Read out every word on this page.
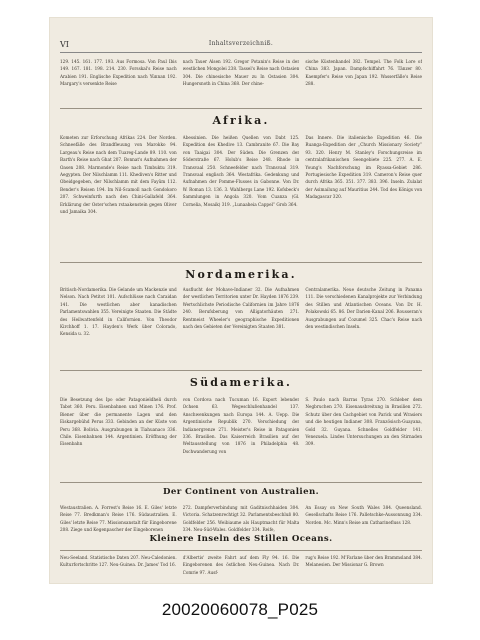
VI	Inhaltsverzeichniß.
129. 145. 161. 177. 193. Aus Formosa. Von Paul Ibis 149. 167. 181. 198. 214. 230. Forsskal's Reise nach Arabien 191. Englische Expedition nach Yünnan 192. Margary's versenkte Reise
nach Tauer Alsen 192. Gregor Potanin's Reise in der westlichen Mongolei 238. Tassel's Reise nach Ostasien 304. Die chinesische Mauer zu In Ostasien 304. Hungersnoth in China 368. Der chine-
sische Küstenhandel 382. Tempel. The Folk Lore of China 383. Japan. Dampfschiffahrt 76. Tänzer 80. Kaempfer's Reise von Japan 192. Wasserfälle's Reise 288.
Afrika.
Kometen zur Erforschung Afrikas 224. Der Norden. Schneefälle des Brandfleuung von Marokko 94. Largeau's Reise nach dem Tuareg-Lande 89. 110. von Barth's Reise nach Ghat 207. Bonnat's Aufnahmen der Oasen 208. Marmonde's Reise nach Timbuktu 319. Aegypten. Der Nilschlamm 111. Khediven's Ritter und Obeidgegeben, der Nilschlamm mit dem Fayûm 112. Bender's Reisen 194. Im Nil-Scamoll nach Gondokoro 207. Schweinfurth nach den Chini-Gallafeld 364. Erklärung der Oster'schen rstaakenstein gegen Oliver und Jamaika 304.
Abessinien. Die heißen Quellen von Dabt 125. Expedition des Khedive 13. Cambranite 67. Die Bay von Taaigai 304. Der Süden. Die Grenzen der Söderstraße 67. Holub's Reise 248. Rhode in Transvaal 250. Schneefelder nach Transvaal 319. Transvaal englisch 364. Westafrika. Gedenkung und Aufnahmen der Pomme-Flusses in Gabonne. Von Dr. W. Roman 13. 136. 3. Wahlbergs Lane 192. Kofsbeck's Sammlungen in Angola 320. Vom Cuanza (Gl. Cornelia, Mosaik) 319. „Lunaaheia Cappel“ Grob 364.
Das Innere. Die italienische Expedition 46. Die Ruanga-Expedition der „Church Missionary Society“ 93. 320. Henry M. Stanley's Forschungsreise im centralafrikanischen Seengebiete 225. 277. A. E. Young's Nachforschung im Ryassa-Gebiet 286. Portugiesische Expedition 319. Cameron's Reise quer durch Afrika 365. 351. 377. 383. 396. Inseln. Zulalat der Asimailung auf Mauritius 244. Tod des Königs von Madagascar 320.
Nordamerika.
Britisch-Nordamerika. Die Gelande um Mackenzie und Nelson. Nach Petitot 101. Aufschlüsse nach Caraidan 141. Die westlichen aber kanadischen Parlamentswahlen 355. Vereinigte Staaten. Die Städte des Heilwattenfeld in Californien. Von Theodor Kirchhoff 1. 17. Hayden's Werk über Colorado, Kensida u. 32.
Ausflucht der Mohave-Indianer 32. Die Aufnahmen der westlichen Territorien unter Dr. Hayden 1876 239. Wertschlichste Periodische Californien im Jahre 1876 240. Berufsberung von Alligatorhäuten 271. Rentmeist Wheeler's geographische Expeditionen nach den Gebieten der Vereinigten Staaten 381.
Centralamerika. Neue deutsche Zeitung in Panama 111. Die verschiedenen Kanalprojekte zur Verbindung des Stillen und Atlantischen Oceans. Von Dr. H. Polakowski 65. 86. Der Darien-Kanal 206. Rousseran's Ausgrabungen auf Cozumel 325. Chac's Reise nach den westindischen Inseln.
Südamerika.
Die Besetzung des Ipo oder Patagonieldheli durch Tabot 360. Peru. Eisenbahnen und Minen 176. Prof. Biener über die permanente Lagen und den Eiskargebühd Perus 333. Gebinden an der Küste von Peru 368. Bolivia. Ausgrabungen in Tiahuanaco 336. Chile. Eisenbahnen 144. Argentinien. Eröffnung der Eisenbahn
von Cordova nach Tucuman 16. Export lebender Ochsen 63. Wegeschlußenhandel 137. Anschwenkungen nach Europa 144. A. Uepp. Die Argentinische Republik 270. Verschiedung der Indianergrenze 271. Meister's Reise in Patagonien 336. Brasilien. Das Kaiserreich Brasilien auf der Weltausstellung von 1876 in Philadelphia 48. Dschwanderung von
S. Paulo nach Barras Tyras 270. Schleber dem Negbruchen 270. Eisenausbreitung in Brasilien 272. Schutz über den Cachgebiet von Parick und Wrasiers und die heutigen Indianer 308. Französisch-Guayana, Gold 32. Guyana. Schnelles Goldfelder 141. Venezuela. Lindes Untersuchungen an den Stirnaden 309.
Der Continent von Australien.
Westaustralien. A. Forrest's Reise 16. E. Giles' letzte Reise 77. Bredkman's Reise 176. Südaustralien. E. Giles' letzte Reise 77. Missionsanstalt für Eingeborene 208. Ziege und Kegenpascher der Eingeborenen
272. Dampferverbindung mit Gaditnischhaiden 304. Victoria. Schatzenrechtigt 32. Parlamentsbeschluß 80. Goldfelder 256. Weibiaume als Hauptmacht für Malta 334. Neu-Süd-Wales. Goldfelder 334. Reife,
An Essay on New South Wales 384. Queensland. Gesellschafts Reise 176. Palletschke-Aussonnung 334. Norden. Mc. Minn's Reise am Catharinefluss 128.
Kleinere Inseln des Stillen Oceans.
Neu-Seeland. Statistische Daten 207. Neu-Caledonien. Kulturfortschritte 127. Neu-Guinea. Dr. James' Tod 16.
d'Albertis' zweite Fahrt auf dem Fly 94. 16. Die Eingeborenen des östlichen Neu-Guinea. Nach Dr. Comrie 97. Ausf-
rug's Reise 192. M'Farlane über den Brammsland 384. Melanesien. Der Missionar G. Brown
20020060078_P025
